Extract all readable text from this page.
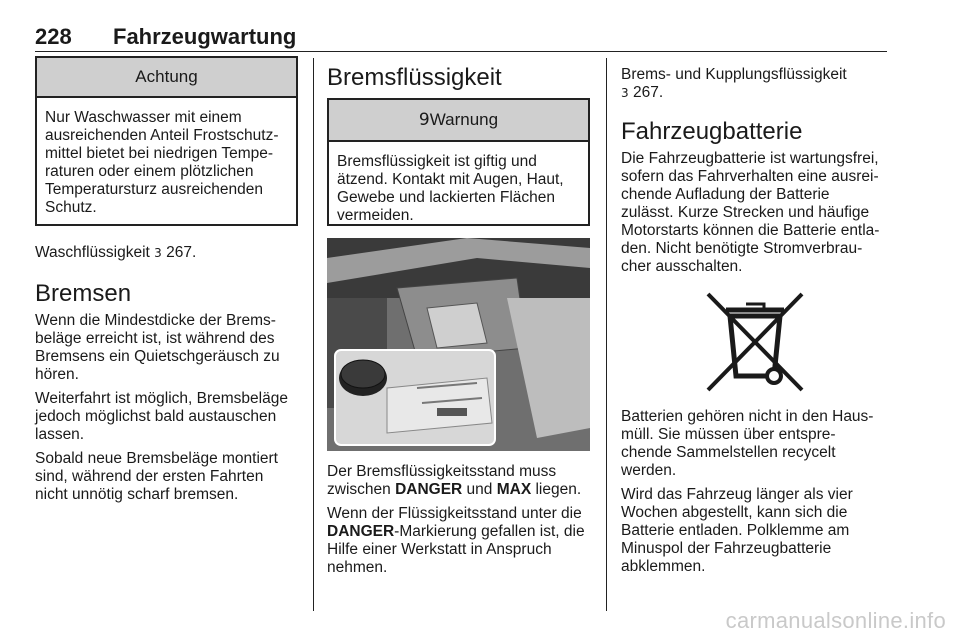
228 Fahrzeugwartung
Achtung
Nur Waschwasser mit einem
ausreichenden Anteil Frostschutz-
mittel bietet bei niedrigen Tempe-
raturen oder einem plötzlichen
Temperatursturz ausreichenden
Schutz.

Waschflüssigkeit 3 267.

Bremsen

Wenn die Mindestdicke der Brems-
beläge erreicht ist, ist während des
Bremsens ein Quietschgeräusch zu
hören.

Weiterfahrt ist möglich, Bremsbeläge
jedoch möglichst bald austauschen
lassen.

Sobald neue Bremsbeläge montiert
sind, während der ersten Fahrten
nicht unnötig scharf bremsen.

Bremsflüssigkeit
9Warnung
Bremsflüssigkeit ist giftig und
ätzend. Kontakt mit Augen, Haut,
Gewebe und lackierten Flächen
vermeiden.

Der Bremsflüssigkeitsstand muss
zwischen DANGER und MAX liegen.

Wenn der Flüssigkeitsstand unter die
DANGER-Markierung gefallen ist, die
Hilfe einer Werkstatt in Anspruch
nehmen.

Brems- und Kupplungsflüssigkeit
3 267.

Fahrzeugbatterie

Die Fahrzeugbatterie ist wartungsfrei,
sofern das Fahrverhalten eine ausrei-
chende Aufladung der Batterie
zulässt. Kurze Strecken und häufige
Motorstarts können die Batterie entla-
den. Nicht benötigte Stromverbrau-
cher ausschalten.

Batterien gehören nicht in den Haus-
müll. Sie müssen über entspre-
chende Sammelstellen recycelt
werden.

Wird das Fahrzeug länger als vier
Wochen abgestellt, kann sich die
Batterie entladen. Polklemme am
Minuspol der Fahrzeugbatterie
abklemmen.

carmanualsonline.info
